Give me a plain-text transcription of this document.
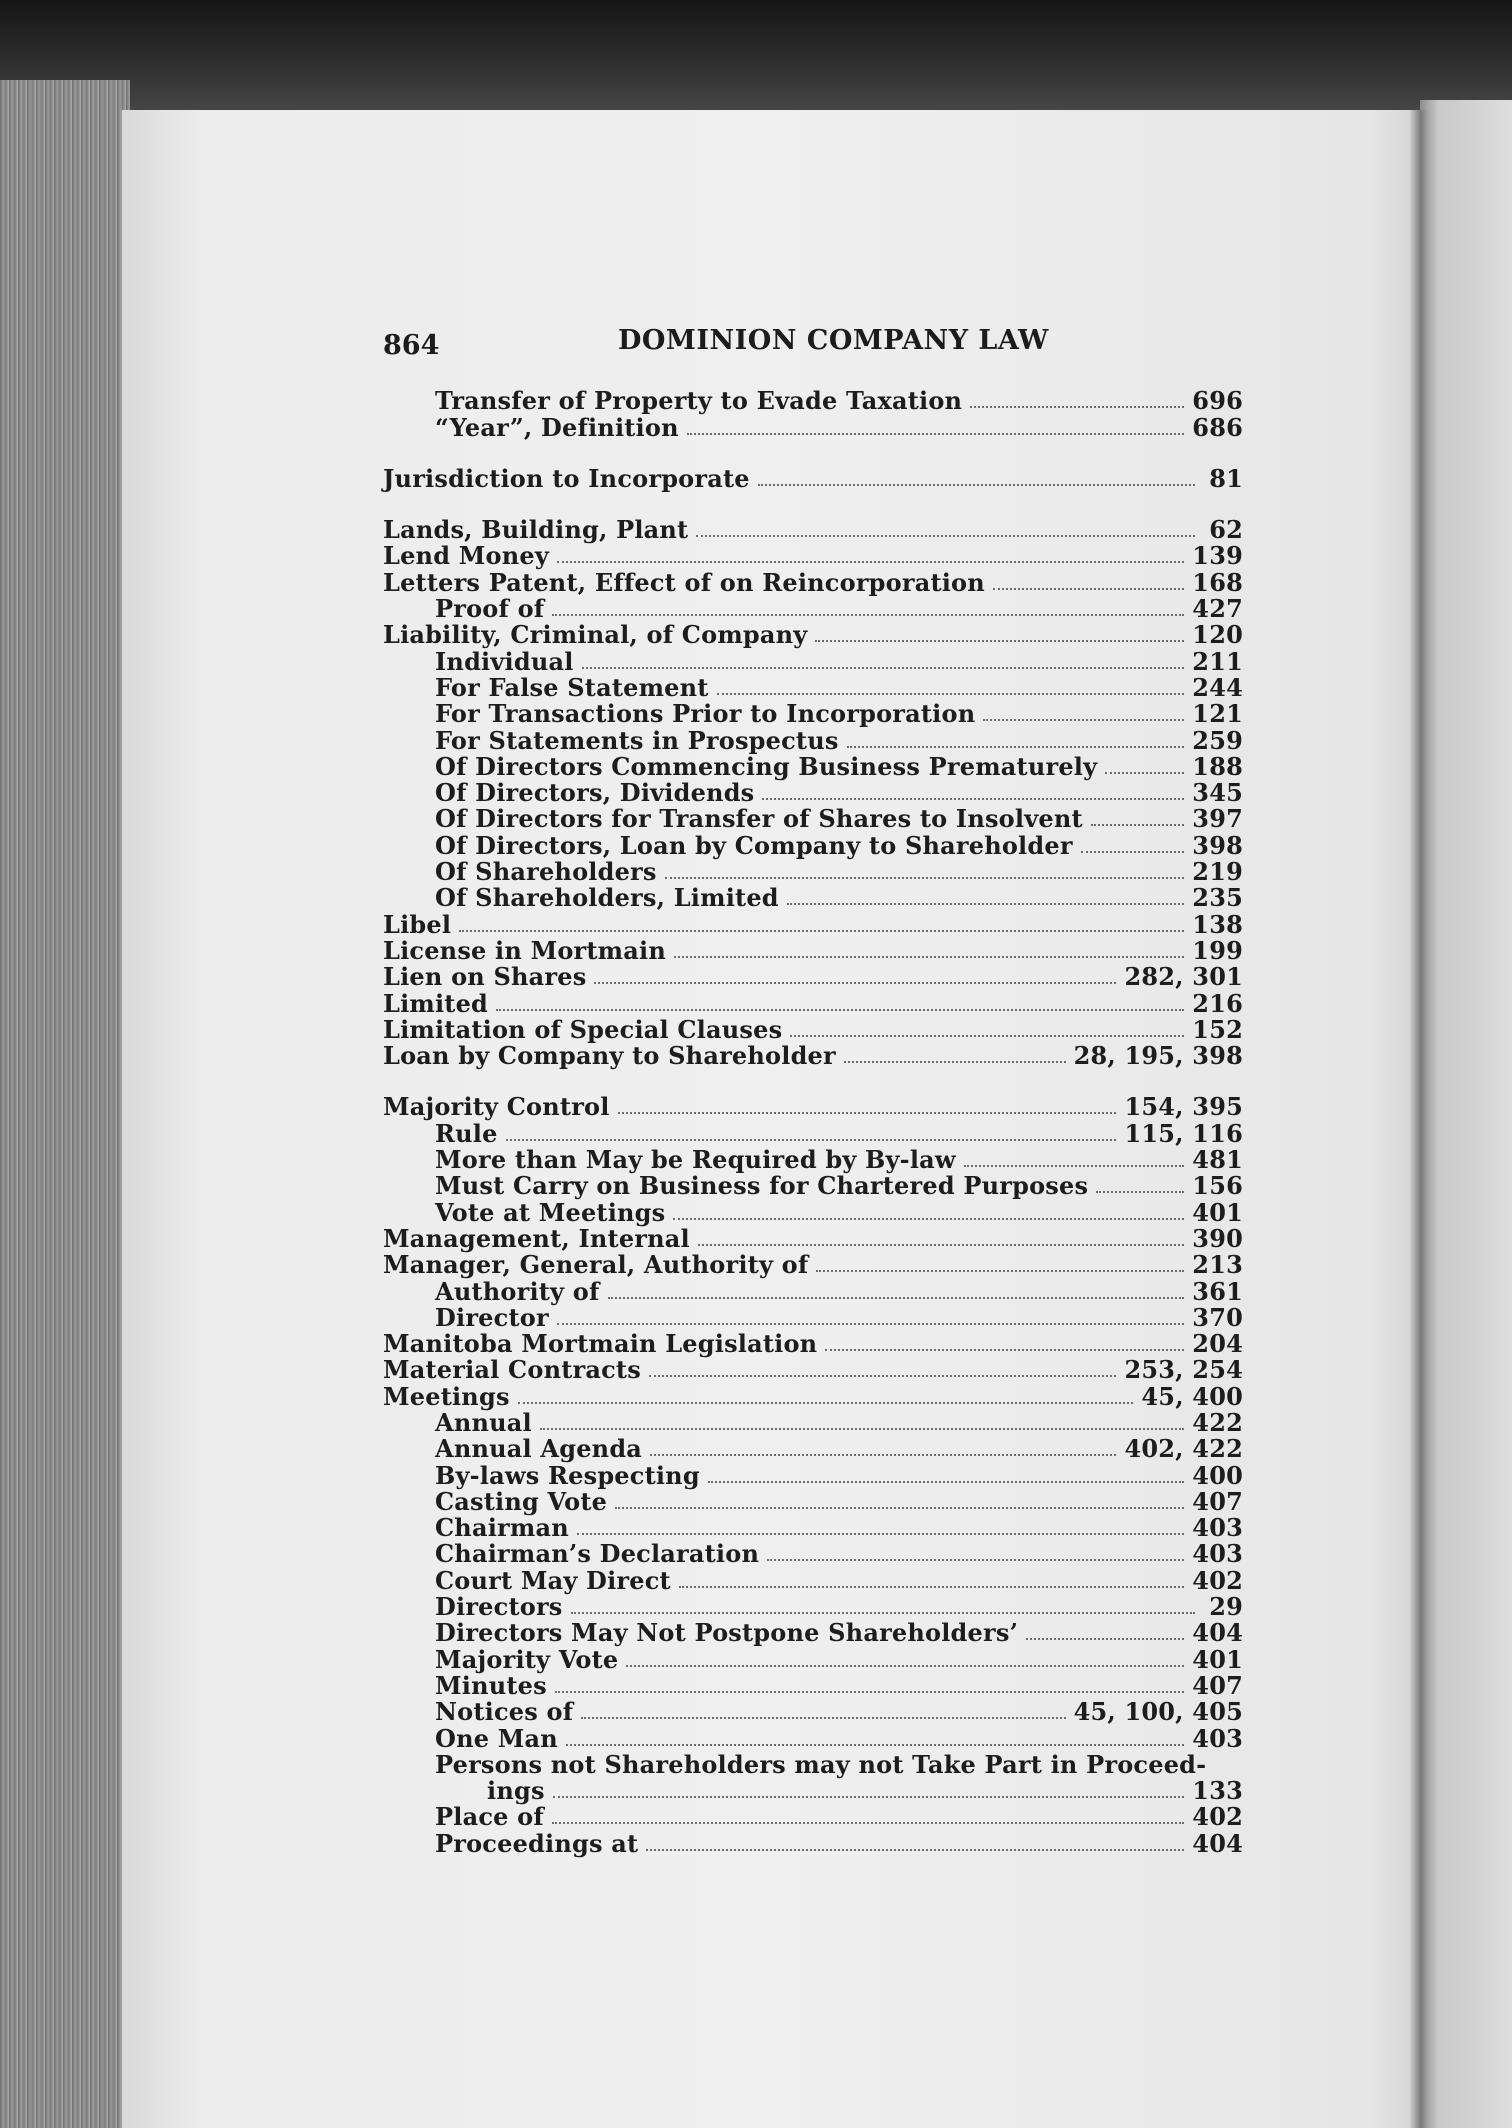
864	DOMINION COMPANY LAW
Transfer of Property to Evade Taxation	696
“Year”, Definition	686
Jurisdiction to Incorporate	81
Lands, Building, Plant	62
Lend Money	139
Letters Patent, Effect of on Reincorporation	168
Proof of	427
Liability, Criminal, of Company	120
Individual	211
For False Statement	244
For Transactions Prior to Incorporation	121
For Statements in Prospectus	259
Of Directors Commencing Business Prematurely	188
Of Directors, Dividends	345
Of Directors for Transfer of Shares to Insolvent	397
Of Directors, Loan by Company to Shareholder	398
Of Shareholders	219
Of Shareholders, Limited	235
Libel	138
License in Mortmain	199
Lien on Shares	282, 301
Limited	216
Limitation of Special Clauses	152
Loan by Company to Shareholder	28, 195, 398
Majority Control	154, 395
Rule	115, 116
More than May be Required by By-law	481
Must Carry on Business for Chartered Purposes	156
Vote at Meetings	401
Management, Internal	390
Manager, General, Authority of	213
Authority of	361
Director	370
Manitoba Mortmain Legislation	204
Material Contracts	253, 254
Meetings	45, 400
Annual	422
Annual Agenda	402, 422
By-laws Respecting	400
Casting Vote	407
Chairman	403
Chairman’s Declaration	403
Court May Direct	402
Directors	29
Directors May Not Postpone Shareholders’	404
Majority Vote	401
Minutes	407
Notices of	45, 100, 405
One Man	403
Persons not Shareholders may not Take Part in Proceed-
ings	133
Place of	402
Proceedings at	404
